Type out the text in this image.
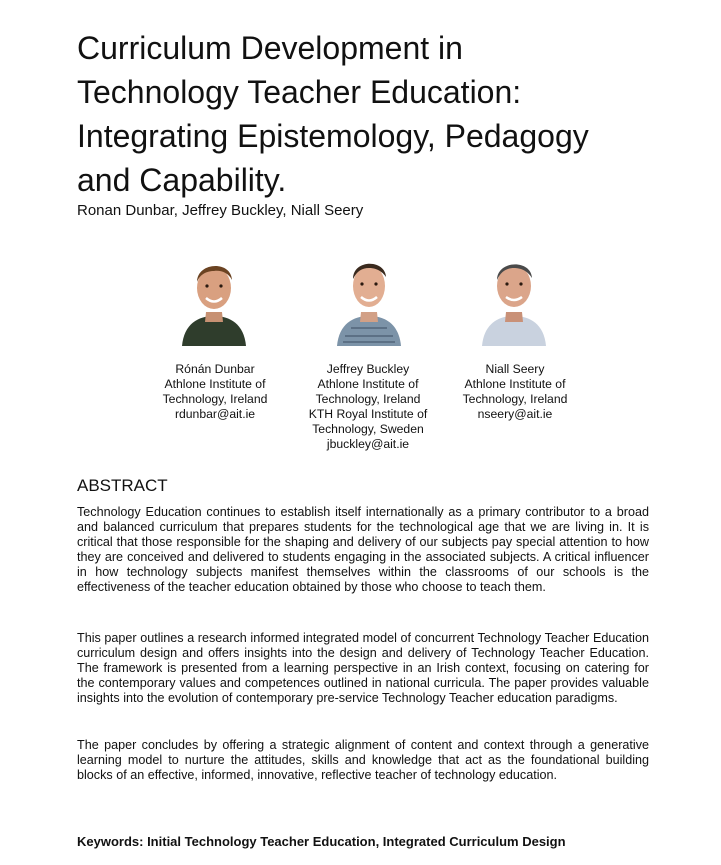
Curriculum Development in
Technology Teacher Education:
Integrating Epistemology, Pedagogy
and Capability.
Ronan Dunbar, Jeffrey Buckley, Niall Seery
Rónán Dunbar
Athlone Institute of
Technology, Ireland
rdunbar@ait.ie
Jeffrey Buckley
Athlone Institute of
Technology, Ireland
KTH Royal Institute of
Technology, Sweden
jbuckley@ait.ie
Niall Seery
Athlone Institute of
Technology, Ireland
nseery@ait.ie
ABSTRACT

Technology Education continues to establish itself internationally as a primary contributor to a broad and balanced curriculum that prepares students for the technological age that we are living in. It is critical that those responsible for the shaping and delivery of our subjects pay special attention to how they are conceived and delivered to students engaging in the associated subjects. A critical influencer in how technology subjects manifest themselves within the classrooms of our schools is the effectiveness of the teacher education obtained by those who choose to teach them.

This paper outlines a research informed integrated model of concurrent Technology Teacher Education curriculum design and offers insights into the design and delivery of Technology Teacher Education. The framework is presented from a learning perspective in an Irish context, focusing on catering for the contemporary values and competences outlined in national curricula. The paper provides valuable insights into the evolution of contemporary pre-service Technology Teacher education paradigms.

The paper concludes by offering a strategic alignment of content and context through a generative learning model to nurture the attitudes, skills and knowledge that act as the foundational building blocks of an effective, informed, innovative, reflective teacher of technology education.

Keywords: Initial Technology Teacher Education, Integrated Curriculum Design
